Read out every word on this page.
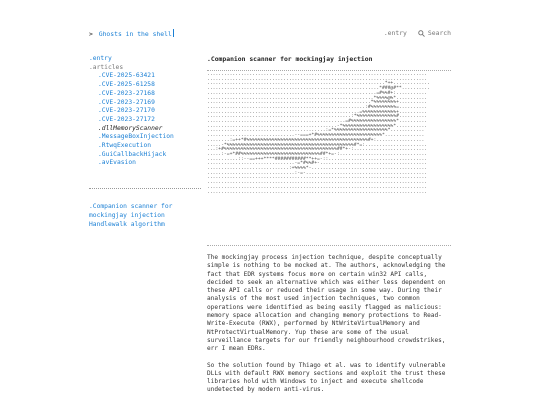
> Ghosts in the shell	.entry	Search
.entry
.articles
.CVE-2025-63421
.CVE-2025-61258
.CVE-2023-27168
.CVE-2023-27169
.CVE-2023-27170
.CVE-2023-27172
.dllMemoryScanner
.MessageBoxInjection
.RtwqExecution
.GuiCallbackHijack
.avEvasion
.Companion scanner for
mockingjay injection
Handlewalk algorithm
.Companion scanner for mockingjay injection
..............................................................................
..............................................................................
...............................................................*++.............
.............................................................*###@#**..........
............................................................=#%%#+:...........
...........................................................*%%%%@%*...........
..........................................................*%%%%%%%%+..........
........................................................:#%%%%%%%%%=..........
......................................................=%%%%%%%%%%%%+..........
...................................................:*%%%%%%%%%%%%%%#..........
.................................................=#%%%%%%%%%%%%%%%%*..........
..............................................-*%%%%%%%%%%%%%%%%%%*...........
..........................................:=*%%%%%%%%%%%%%%%%%%%*............
...............................--===+*#%%%%%%%%%%%%%%%%%%%%%%%*..............
........:=++*#%%%%%%%%%%%%%%%%%%%%%%%%%%%%%%%%%%%%%%%%%%%#+:.................
.....-*%%%%%%%%%%%%%%%%%%%%%%%%%%%%%%%%%%%%%%%%%%%%%#*=:......................
...:+#%%%%%%%%%%%%%%%%%%%%%%%%%%%%%%%%%%%%%%%%##*+-:..........................
.....:-=+*##%%%%%%%%%%%%%%%%%%%%%%%%%%%%##*+=-:...............................
...........::--==+++****###########**++=-::...................................
...............................-=*#%%#+-......................................
.............................:+%%%%*-.........................................
...............................:-=-...........................................
..............................................................................
..............................................................................
..............................................................................
..............................................................................

The mockingjay process injection technique, despite conceptually simple is nothing to be mocked at. The authors, acknowledging the fact that EDR systems focus more on certain win32 API calls, decided to seek an alternative which was either less dependent on these API calls or reduced their usage in some way. During their analysis of the most used injection techniques, two common operations were identified as being easily flagged as malicious: memory space allocation and changing memory protections to Read-Write-Execute (RWX), performed by NtWriteVirtualMemory and NtProtectVirtualMemory. Yup these are some of the usual surveillance targets for our friendly neighbourhood crowdstrikes, err I mean EDRs.

So the solution found by Thiago et al. was to identify vulnerable DLLs with default RWX memory sections and exploit the trust these libraries hold with Windows to inject and execute shellcode undetected by modern anti-virus.
